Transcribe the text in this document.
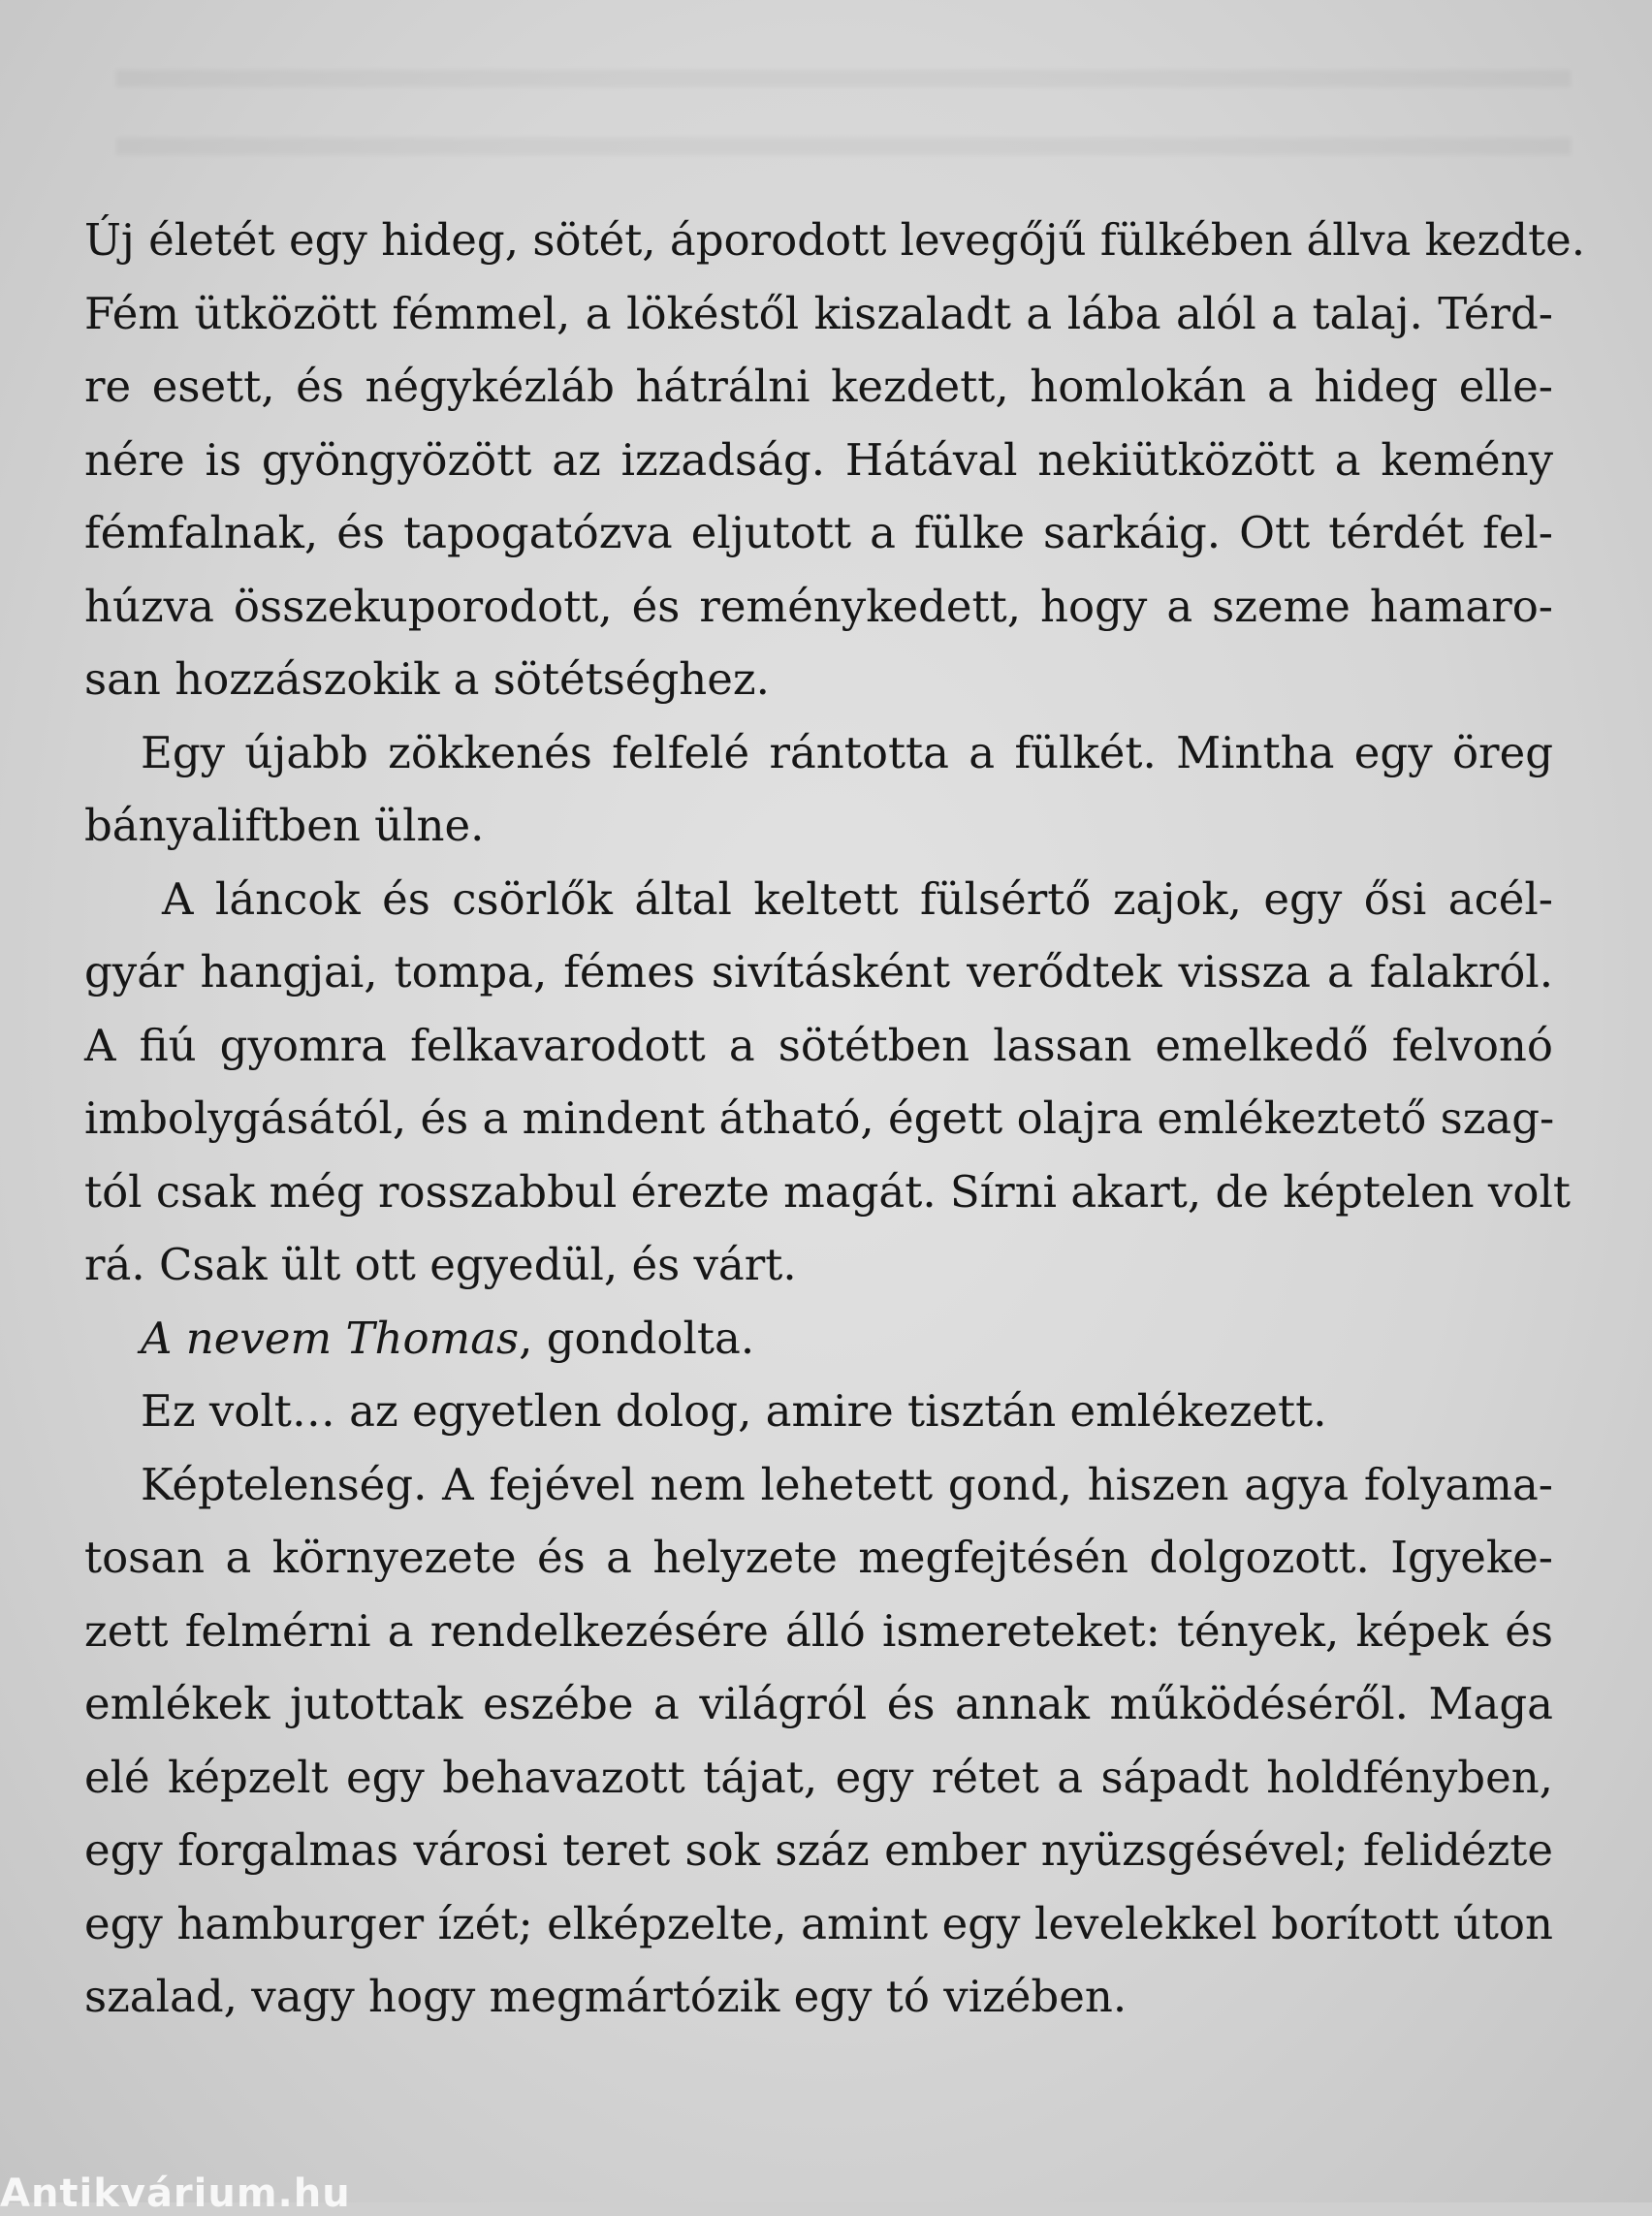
Új életét egy hideg, sötét, áporodott levegőjű fülkében állva kezdte.
Fém ütközött fémmel, a lökéstől kiszaladt a lába alól a talaj. Térd-
re esett, és négykézláb hátrálni kezdett, homlokán a hideg elle-
nére is gyöngyözött az izzadság. Hátával nekiütközött a kemény
fémfalnak, és tapogatózva eljutott a fülke sarkáig. Ott térdét fel-
húzva összekuporodott, és reménykedett, hogy a szeme hamaro-
san hozzászokik a sötétséghez.
Egy újabb zökkenés felfelé rántotta a fülkét. Mintha egy öreg
bányaliftben ülne.
A láncok és csörlők által keltett fülsértő zajok, egy ősi acél-
gyár hangjai, tompa, fémes sivításként verődtek vissza a falakról.
A fiú gyomra felkavarodott a sötétben lassan emelkedő felvonó
imbolygásától, és a mindent átható, égett olajra emlékeztető szag-
tól csak még rosszabbul érezte magát. Sírni akart, de képtelen volt
rá. Csak ült ott egyedül, és várt.
A nevem Thomas, gondolta.
Ez volt… az egyetlen dolog, amire tisztán emlékezett.
Képtelenség. A fejével nem lehetett gond, hiszen agya folyama-
tosan a környezete és a helyzete megfejtésén dolgozott. Igyeke-
zett felmérni a rendelkezésére álló ismereteket: tények, képek és
emlékek jutottak eszébe a világról és annak működéséről. Maga
elé képzelt egy behavazott tájat, egy rétet a sápadt holdfényben,
egy forgalmas városi teret sok száz ember nyüzsgésével; felidézte
egy hamburger ízét; elképzelte, amint egy levelekkel borított úton
szalad, vagy hogy megmártózik egy tó vizében.
Antikvárium.hu
